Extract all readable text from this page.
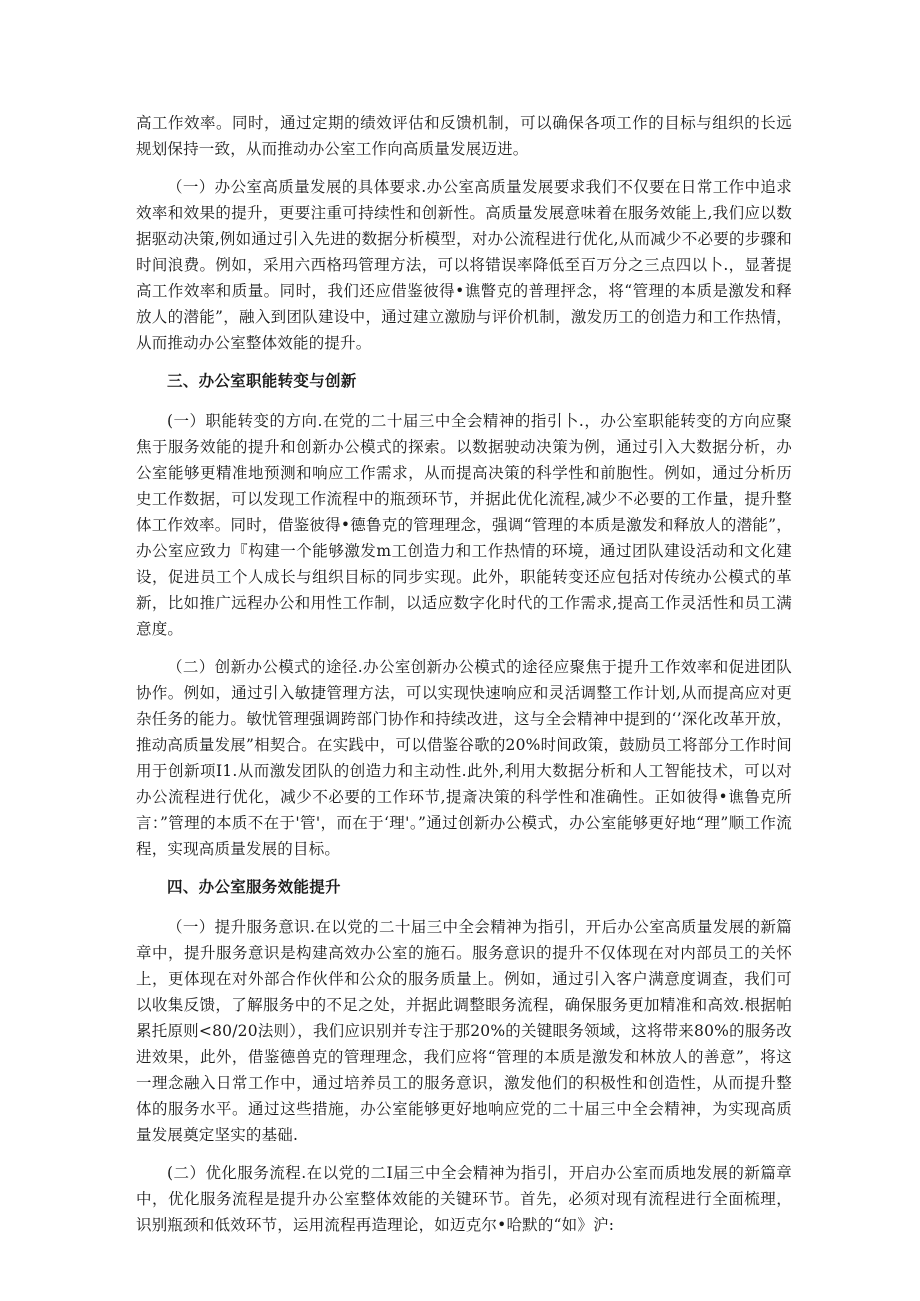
高工作效率。同时，通过定期的绩效评估和反馈机制，可以确保各项工作的目标与组织的长远规划保持一致，从而推动办公室工作向高质量发展迈进。

（一）办公室高质量发展的具体要求.办公室高质量发展要求我们不仅要在日常工作中追求效率和效果的提升，更要注重可持续性和创新性。高质量发展意味着在服务效能上,我们应以数据驱动决策,例如通过引入先进的数据分析模型，对办公流程进行优化,从而减少不必要的步骤和时间浪费。例如，采用六西格玛管理方法，可以将错误率降低至百万分之三点四以卜.，显著提高工作效率和质量。同时，我们还应借鉴彼得•谯瞥克的普理抨念，将“管理的本质是激发和释放人的潜能”，融入到团队建设中，通过建立激励与评价机制，激发历工的创造力和工作热情，从而推动办公室整体效能的提升。

三、办公室职能转变与创新

(一）职能转变的方向.在党的二十届三中全会精神的指引卜.，办公室职能转变的方向应聚焦于服务效能的提升和创新办公模式的探索。以数据驶动决策为例，通过引入大数据分析，办公室能够更精准地预测和响应工作需求，从而提高决策的科学性和前胞性。例如，通过分析历史工作数据，可以发现工作流程中的瓶颈环节，并据此优化流程,减少不必要的工作量，提升整体工作效率。同时，借鉴彼得•德鲁克的管理理念，强调“管理的本质是激发和释放人的潜能”，办公室应致力『构建一个能够激发m工创造力和工作热情的环境，通过团队建设活动和文化建设，促进员工个人成长与组织目标的同步实现。此外，职能转变还应包括对传统办公模式的革新，比如推广远程办公和用性工作制，以适应数字化时代的工作需求,提高工作灵活性和员工满意度。

（二）创新办公模式的途径.办公室创新办公模式的途径应聚焦于提升工作效率和促进团队协作。例如，通过引入敏捷管理方法，可以实现快速响应和灵活调整工作计划,从而提高应对更杂任务的能力。敏忧管理强调跨部门协作和持续改进，这与全会精神中提到的‘’深化改革开放，推动高质量发展”相契合。在实践中，可以借鉴谷歌的20%时间政策，鼓励员工将部分工作时间用于创新项I1.从而激发团队的创造力和主动性.此外,利用大数据分析和人工智能技术，可以对办公流程进行优化，减少不必要的工作环节,提斎决策的科学性和准确性。正如彼得•谯鲁克所言：”管理的本质不在于'管'，而在于‘理'。”通过创新办公模式，办公室能够更好地“理”顺工作流程，实现高质量发展的目标。

四、办公室服务效能提升

（一）提升服务意识.在以党的二十届三中全会精神为指引，开后办公室高质量发展的新篇章中，提升服务意识是构建高效办公室的施石。服务意识的提升不仅体现在对内部员工的关怀上，更体现在对外部合作伙伴和公众的服务质量上。例如，通过引入客户满意度调查，我们可以收集反馈，了解服务中的不足之处，并据此调整眼务流程，确保服务更加精准和高效.根据帕累托原则<80/20法则），我们应识别并专注于那20%的关键眼务领域，这将带来80%的服务改进效果，此外，借鉴德兽克的管理理念，我们应将“管理的本质是激发和林放人的善意”，将这一理念融入日常工作中，通过培养员工的服务意识，激发他们的积极性和创造性，从而提升整体的服务水平。通过这些措施，办公室能够更好地响应党的二十届三中全会精神，为实现高质量发展奠定坚实的基础.

(二）优化服务流程.在以党的二I届三中全会精神为指引，开启办公室而质地发展的新篇章中，优化服务流程是提升办公室整体效能的关键环节。首先，必须对现有流程进行全面梳理，识别瓶颈和低效环节，运用流程再造理论，如迈克尔•哈默的“如》沪:
